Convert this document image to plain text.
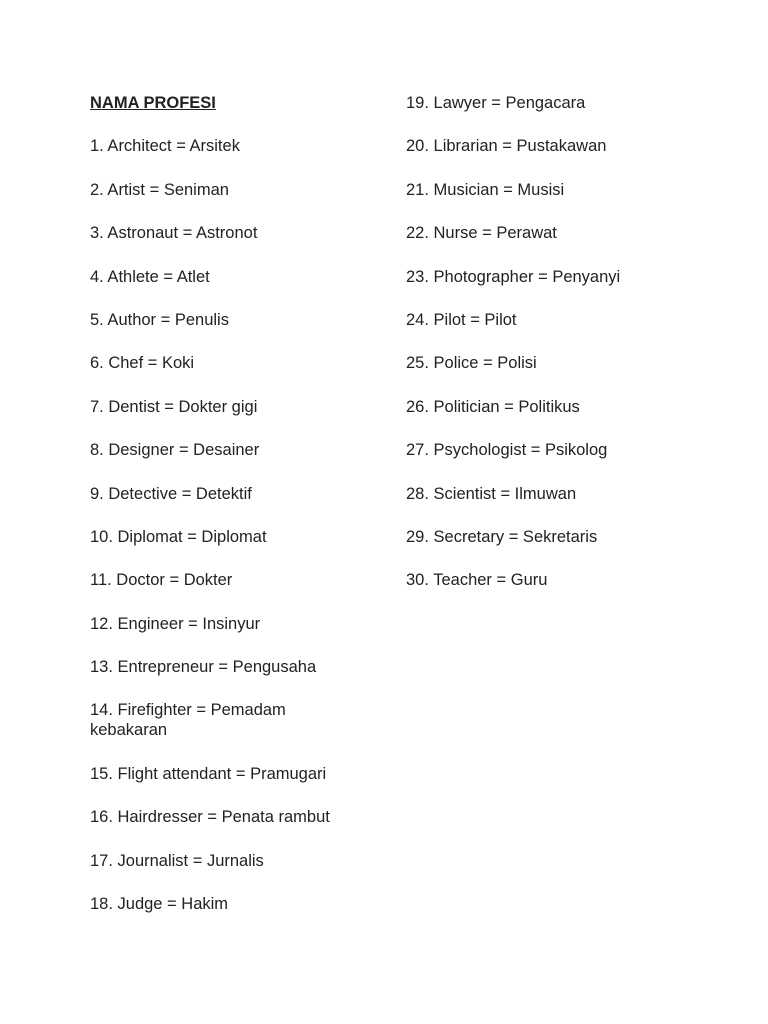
NAMA PROFESI
1. Architect = Arsitek
2. Artist = Seniman
3. Astronaut = Astronot
4. Athlete = Atlet
5. Author = Penulis
6. Chef = Koki
7. Dentist = Dokter gigi
8. Designer = Desainer
9. Detective = Detektif
10. Diplomat = Diplomat
11. Doctor = Dokter
12. Engineer = Insinyur
13. Entrepreneur = Pengusaha
14. Firefighter = Pemadam kebakaran
15. Flight attendant = Pramugari
16. Hairdresser = Penata rambut
17. Journalist = Jurnalis
18. Judge = Hakim
19. Lawyer = Pengacara
20. Librarian = Pustakawan
21. Musician = Musisi
22. Nurse = Perawat
23. Photographer = Penyanyi
24. Pilot = Pilot
25. Police = Polisi
26. Politician = Politikus
27. Psychologist = Psikolog
28. Scientist = Ilmuwan
29. Secretary = Sekretaris
30. Teacher = Guru
